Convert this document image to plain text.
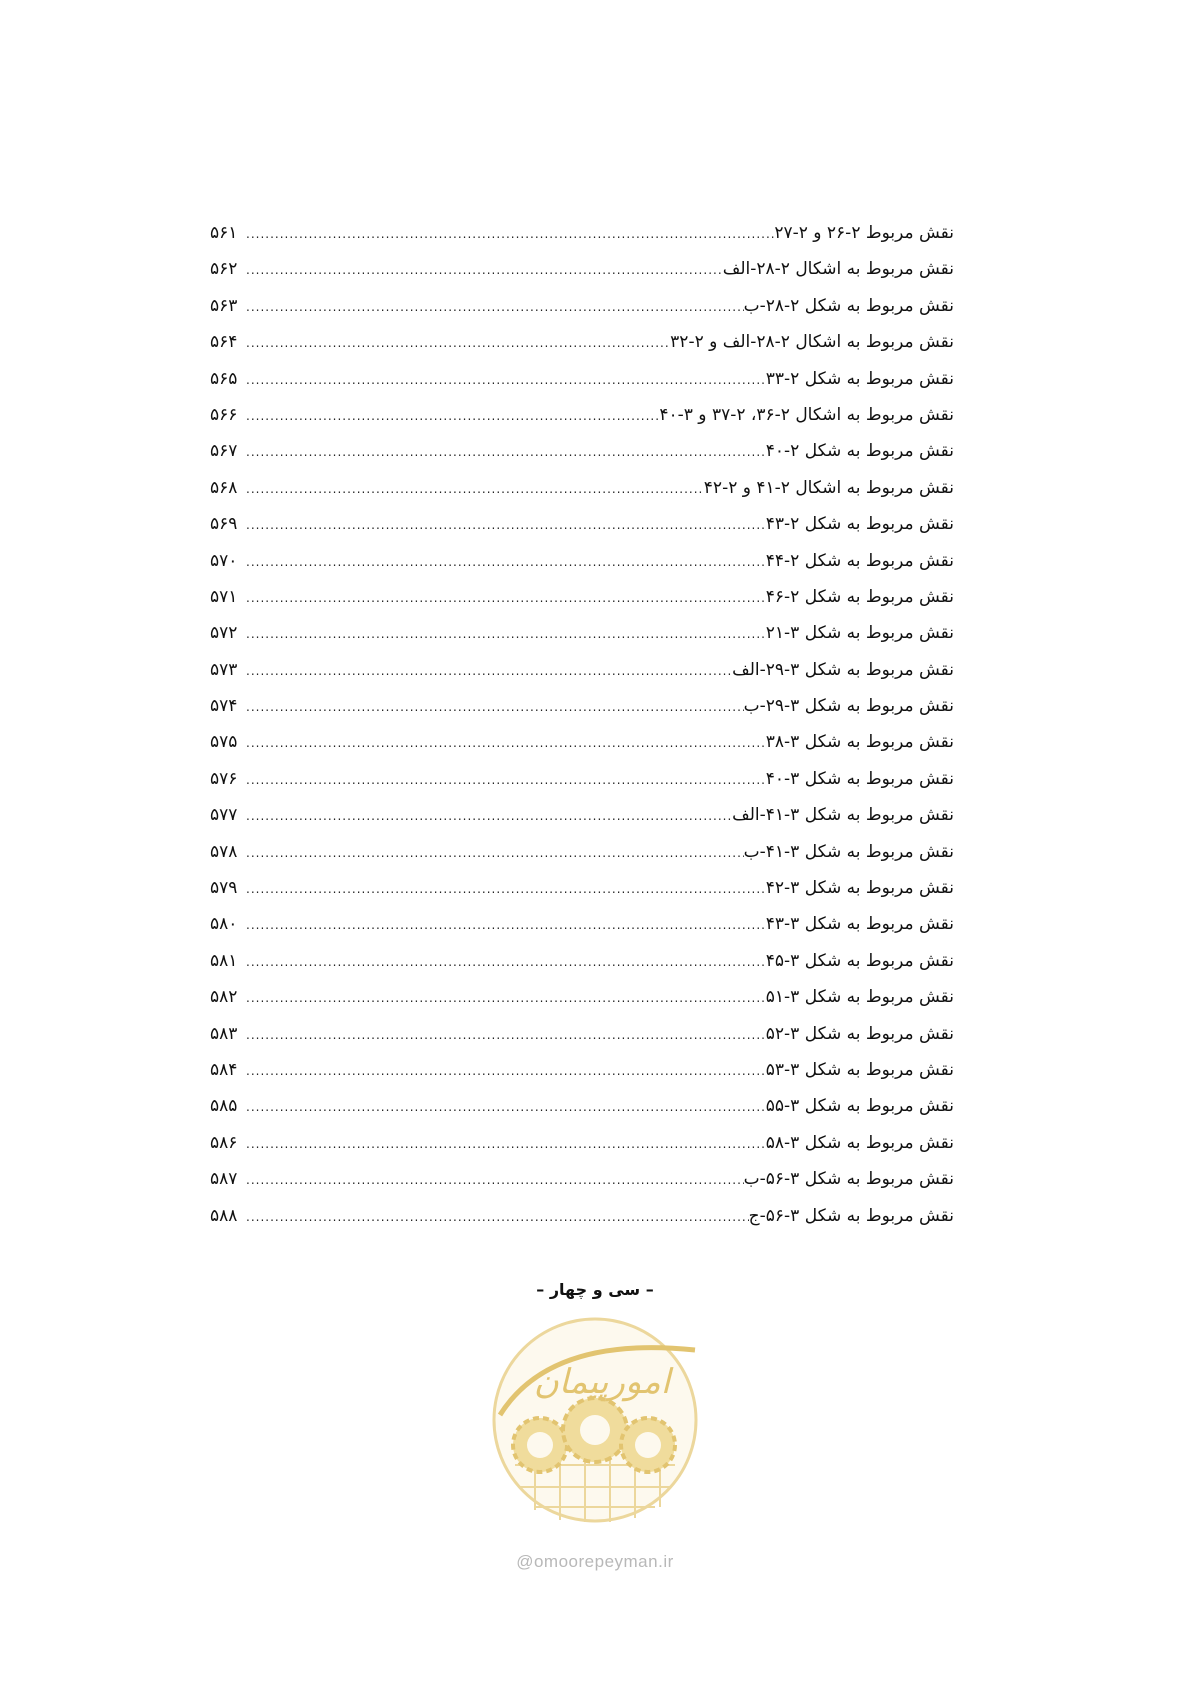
نقش مربوط ۲-۲۶ و ۲-۲۷
.....
۵۶۱
نقش مربوط به اشکال ۲-۲۸-الف
.....
۵۶۲
نقش مربوط به شکل ۲-۲۸-ب
.....
۵۶۳
نقش مربوط به اشکال ۲-۲۸-الف و ۲-۳۲
.....
۵۶۴
نقش مربوط به شکل ۲-۳۳
.....
۵۶۵
نقش مربوط به اشکال ۲-۳۶، ۲-۳۷ و ۳-۴۰
.....
۵۶۶
نقش مربوط به شکل ۲-۴۰
.....
۵۶۷
نقش مربوط به اشکال ۲-۴۱ و ۲-۴۲
.....
۵۶۸
نقش مربوط به شکل ۲-۴۳
.....
۵۶۹
نقش مربوط به شکل ۲-۴۴
.....
۵۷۰
نقش مربوط به شکل ۲-۴۶
.....
۵۷۱
نقش مربوط به شکل ۳-۲۱
.....
۵۷۲
نقش مربوط به شکل ۳-۲۹-الف
.....
۵۷۳
نقش مربوط به شکل ۳-۲۹-ب
.....
۵۷۴
نقش مربوط به شکل ۳-۳۸
.....
۵۷۵
نقش مربوط به شکل ۳-۴۰
.....
۵۷۶
نقش مربوط به شکل ۳-۴۱-الف
.....
۵۷۷
نقش مربوط به شکل ۳-۴۱-ب
.....
۵۷۸
نقش مربوط به شکل ۳-۴۲
.....
۵۷۹
نقش مربوط به شکل ۳-۴۳
.....
۵۸۰
نقش مربوط به شکل ۳-۴۵
.....
۵۸۱
نقش مربوط به شکل ۳-۵۱
.....
۵۸۲
نقش مربوط به شکل ۳-۵۲
.....
۵۸۳
نقش مربوط به شکل ۳-۵۳
.....
۵۸۴
نقش مربوط به شکل ۳-۵۵
.....
۵۸۵
نقش مربوط به شکل ۳-۵۸
.....
۵۸۶
نقش مربوط به شکل ۳-۵۶-ب
.....
۵۸۷
نقش مربوط به شکل ۳-۵۶-ج
.....
۵۸۸
– سی و چهار –
امورپیمان
@omoorepeyman.ir
